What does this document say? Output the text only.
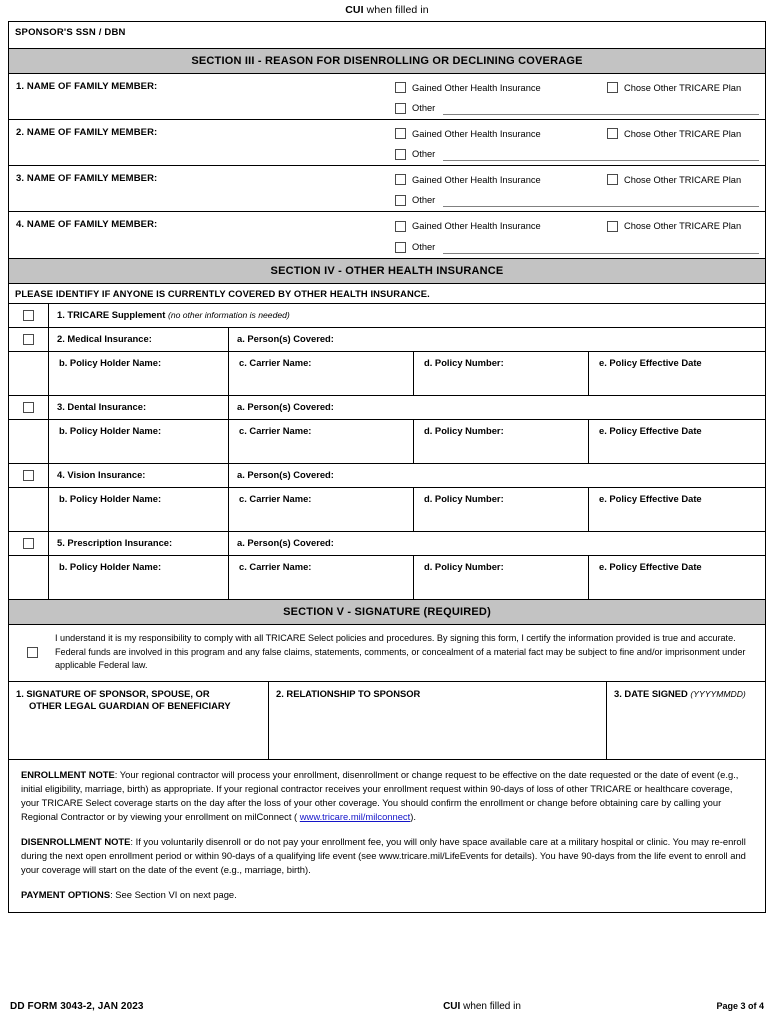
CUI when filled in
SPONSOR'S SSN / DBN
SECTION III - REASON FOR DISENROLLING OR DECLINING COVERAGE
1. NAME OF FAMILY MEMBER:	Gained Other Health Insurance	Chose Other TRICARE Plan
Other
2. NAME OF FAMILY MEMBER:	Gained Other Health Insurance	Chose Other TRICARE Plan
Other
3. NAME OF FAMILY MEMBER:	Gained Other Health Insurance	Chose Other TRICARE Plan
Other
4. NAME OF FAMILY MEMBER:	Gained Other Health Insurance	Chose Other TRICARE Plan
Other
SECTION IV - OTHER HEALTH INSURANCE
PLEASE IDENTIFY IF ANYONE IS CURRENTLY COVERED BY OTHER HEALTH INSURANCE.
1. TRICARE Supplement (no other information is needed)
2. Medical Insurance:	a. Person(s) Covered:
b. Policy Holder Name:	c. Carrier Name:	d. Policy Number:	e. Policy Effective Date
3. Dental Insurance:	a. Person(s) Covered:
b. Policy Holder Name:	c. Carrier Name:	d. Policy Number:	e. Policy Effective Date
4. Vision Insurance:	a. Person(s) Covered:
b. Policy Holder Name:	c. Carrier Name:	d. Policy Number:	e. Policy Effective Date
5. Prescription Insurance:	a. Person(s) Covered:
b. Policy Holder Name:	c. Carrier Name:	d. Policy Number:	e. Policy Effective Date
SECTION V - SIGNATURE (REQUIRED)
I understand it is my responsibility to comply with all TRICARE Select policies and procedures. By signing this form, I certify the information provided is true and accurate. Federal funds are involved in this program and any false claims, statements, comments, or concealment of a material fact may be subject to fine and/or imprisonment under applicable Federal law.
1. SIGNATURE OF SPONSOR, SPOUSE, OR
OTHER LEGAL GUARDIAN OF BENEFICIARY
2. RELATIONSHIP TO SPONSOR	3. DATE SIGNED (YYYYMMDD)

ENROLLMENT NOTE: Your regional contractor will process your enrollment, disenrollment or change request to be effective on the date requested or the date of event (e.g., initial eligibility, marriage, birth) as appropriate. If your regional contractor receives your enrollment request within 90-days of loss of other TRICARE or healthcare coverage, your TRICARE Select coverage starts on the day after the loss of your other coverage. You should confirm the enrollment or change before obtaining care by calling your Regional Contractor or by viewing your enrollment on milConnect ( www.tricare.mil/milconnect).

DISENROLLMENT NOTE: If you voluntarily disenroll or do not pay your enrollment fee, you will only have space available care at a military hospital or clinic. You may re-enroll during the next open enrollment period or within 90-days of a qualifying life event (see www.tricare.mil/LifeEvents for details). You have 90-days from the life event to enroll and your coverage will start on the date of the event (e.g., marriage, birth).

PAYMENT OPTIONS: See Section VI on next page.

DD FORM 3043-2, JAN 2023	CUI when filled in	Page 3 of 4
